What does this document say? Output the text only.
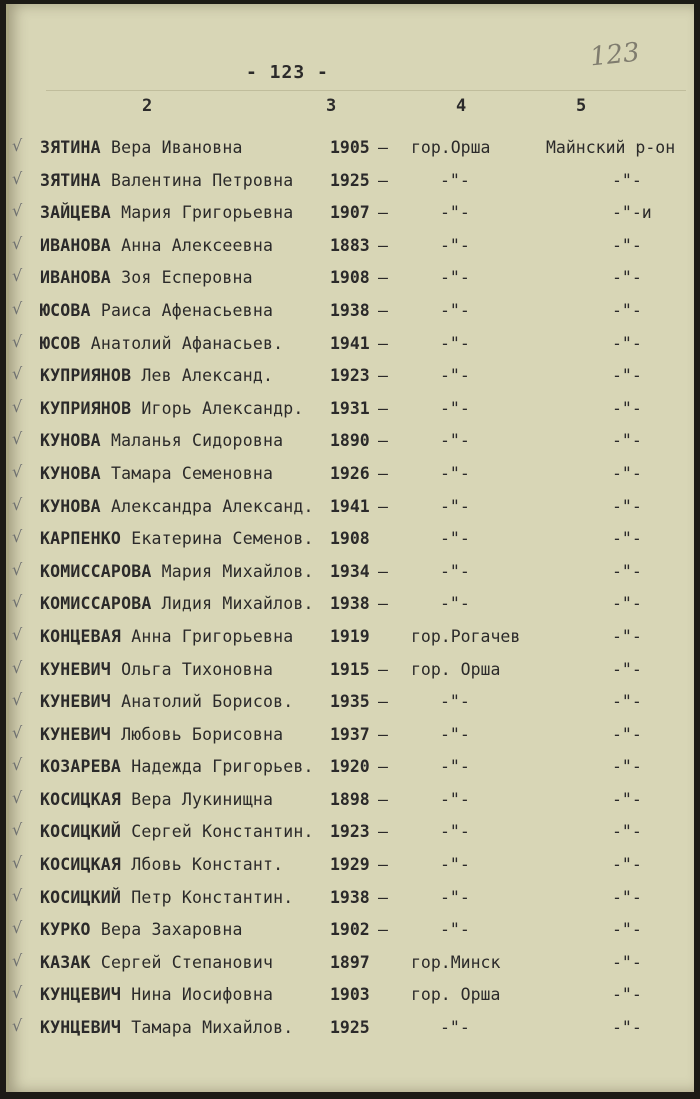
123
- 123 -
2	3	4	5
√ ЗЯТИНА Вера Ивановна	1905 — гор.Орша	Майнский р-он
√ ЗЯТИНА Валентина Петровна 1925 —	-"-	-"-
√ ЗАЙЦЕВА Мария Григорьевна 1907 —	-"-	-"-и
√ ИВАНОВА Анна Алексеевна	1883 —	-"-	-"-
√ ИВАНОВА Зоя Есперовна	1908 —	-"-	-"-
√ ЮСОВА Раиса Афенасьевна	1938 —	-"-	-"-
√ ЮСОВ Анатолий Афанасьев.	1941 —	-"-	-"-
√ КУПРИЯНОВ Лев Александ.	1923 —	-"-	-"-
√ КУПРИЯНОВ Игорь Александр. 1931 —	-"-	-"-
√ КУНОВА Маланья Сидоровна	1890 —	-"-	-"-
√ КУНОВА Тамара Семеновна	1926 —	-"-	-"-
√ КУНОВА Александра Александ. 1941 —	-"-	-"-
√ КАРПЕНКО Екатерина Семенов. 1908	-"-	-"-
√ КОМИССАРОВА Мария Михайлов. 1934 —	-"-	-"-
√ КОМИССАРОВА Лидия Михайлов. 1938 —	-"-	-"-
√ КОНЦЕВАЯ Анна Григорьевна 1919	гор.Рогачев	-"-
√ КУНЕВИЧ Ольга Тихоновна	1915 — гор. Орша	-"-
√ КУНЕВИЧ Анатолий Борисов. 1935 —	-"-	-"-
√ КУНЕВИЧ Любовь Борисовна	1937 —	-"-	-"-
√ КОЗАРЕВА Надежда Григорьев. 1920 —	-"-	-"-
√ КОСИЦКАЯ Вера Лукинищна	1898 —	-"-	-"-
√ КОСИЦКИЙ Сергей Константин. 1923 —	-"-	-"-
√ КОСИЦКАЯ Лбовь Констант.	1929 —	-"-	-"-
√ КОСИЦКИЙ Петр Константин. 1938 —	-"-	-"-
√ КУРКО Вера Захаровна	1902 —	-"-	-"-
√ КАЗАК Сергей Степанович	1897	гор.Минск	-"-
√ КУНЦЕВИЧ Нина Иосифовна	1903	гор. Орша	-"-
√ КУНЦЕВИЧ Тамара Михайлов. 1925	-"-	-"-
